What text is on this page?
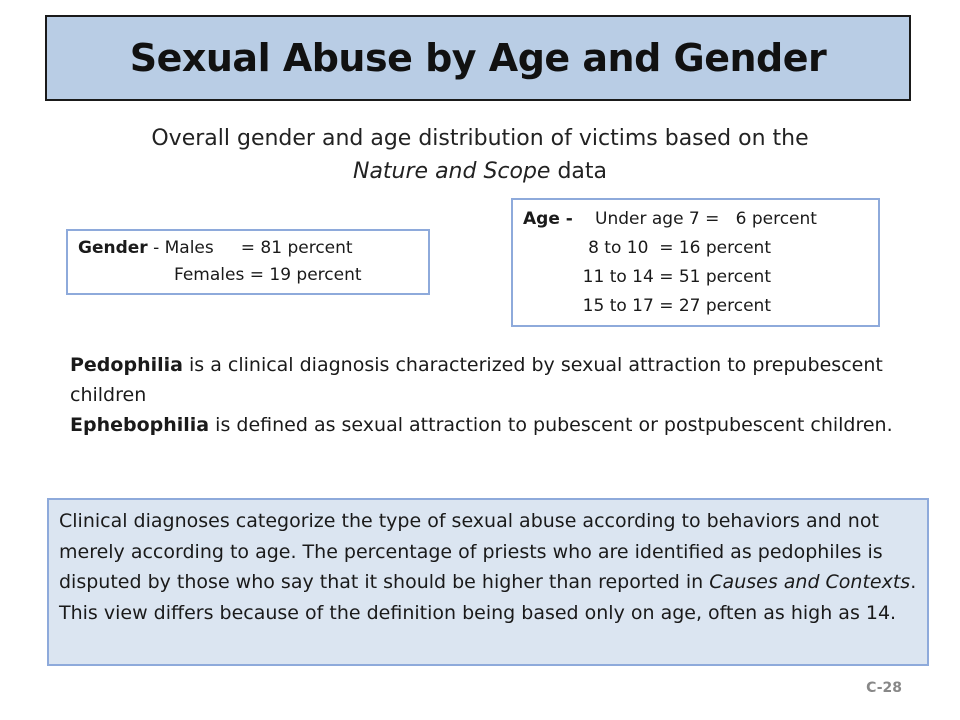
Sexual Abuse by Age and Gender
Overall gender and age distribution of victims based on the
Nature and Scope data
Gender - Males = 81 percent
Females = 19 percent
Age -	Under age 7 =   6 percent
8 to 10  = 16 percent
11 to 14 = 51 percent
15 to 17 = 27 percent

Pedophilia is a clinical diagnosis characterized by sexual attraction to prepubescent children

Ephebophilia is defined as sexual attraction to pubescent or postpubescent children.

Clinical diagnoses categorize the type of sexual abuse according to behaviors and not merely according to age. The percentage of priests who are identified as pedophiles is disputed by those who say that it should be higher than reported in Causes and Contexts. This view differs because of the definition being based only on age, often as high as 14.

C-28
